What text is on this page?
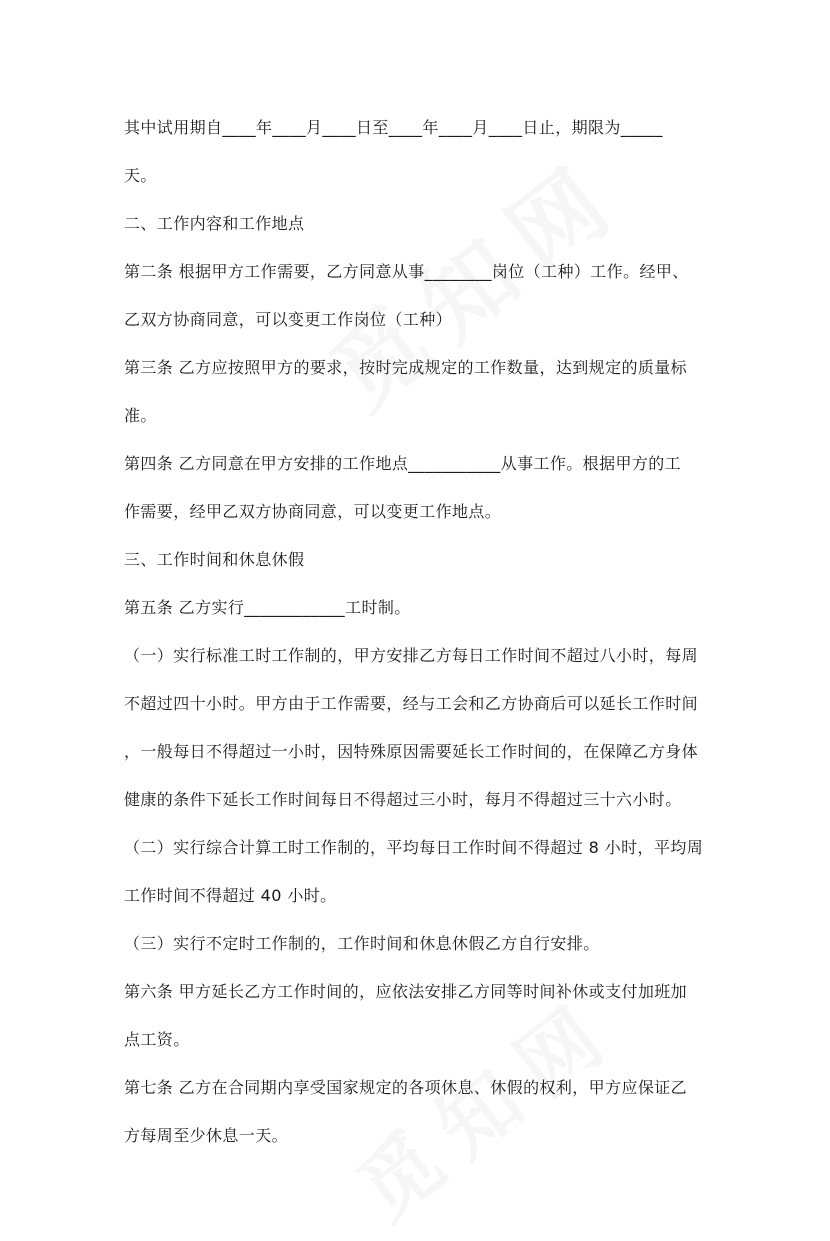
其中试用期自____年____月____日至____年____月____日止，期限为_____
天。
二、工作内容和工作地点
第二条 根据甲方工作需要，乙方同意从事________岗位（工种）工作。经甲、
乙双方协商同意，可以变更工作岗位（工种）
第三条 乙方应按照甲方的要求，按时完成规定的工作数量，达到规定的质量标
准。
第四条 乙方同意在甲方安排的工作地点___________从事工作。根据甲方的工
作需要，经甲乙双方协商同意，可以变更工作地点。
三、工作时间和休息休假
第五条 乙方实行____________工时制。
（一）实行标准工时工作制的，甲方安排乙方每日工作时间不超过八小时，每周
不超过四十小时。甲方由于工作需要，经与工会和乙方协商后可以延长工作时间
，一般每日不得超过一小时，因特殊原因需要延长工作时间的，在保障乙方身体
健康的条件下延长工作时间每日不得超过三小时，每月不得超过三十六小时。
（二）实行综合计算工时工作制的，平均每日工作时间不得超过 8 小时，平均周
工作时间不得超过 40 小时。
（三）实行不定时工作制的，工作时间和休息休假乙方自行安排。
第六条 甲方延长乙方工作时间的，应依法安排乙方同等时间补休或支付加班加
点工资。
第七条 乙方在合同期内享受国家规定的各项休息、休假的权利，甲方应保证乙
方每周至少休息一天。
